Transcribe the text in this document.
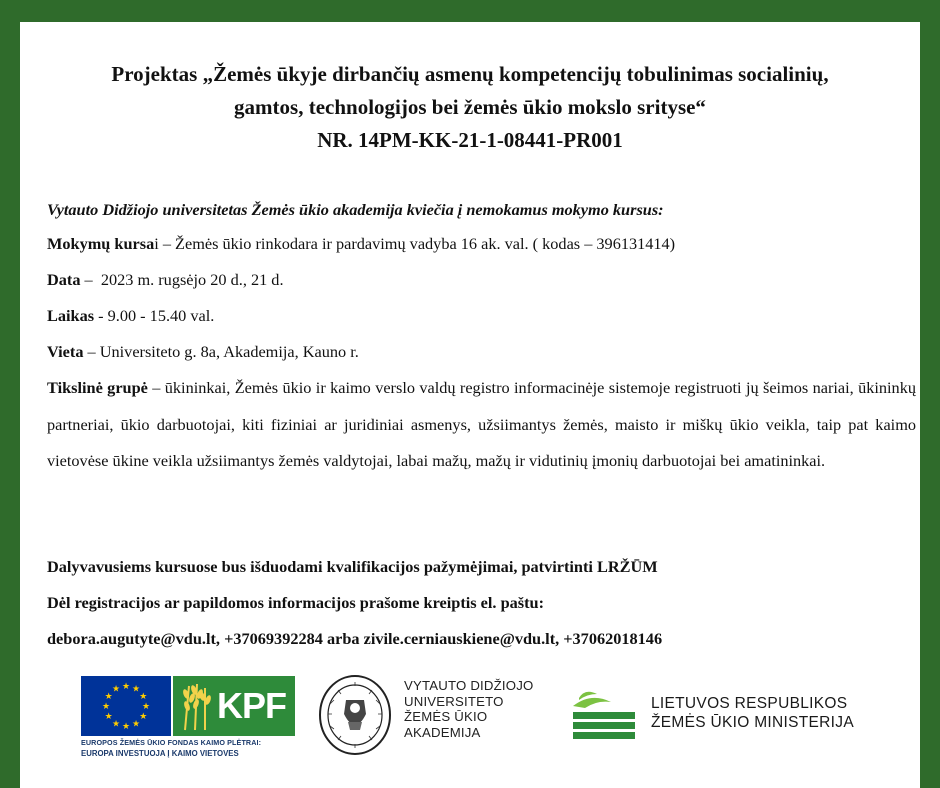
Projektas „Žemės ūkyje dirbančių asmenų kompetencijų tobulinimas socialinių,
gamtos, technologijos bei žemės ūkio mokslo srityse“
NR. 14PM-KK-21-1-08441-PR001
Vytauto Didžiojo universitetas Žemės ūkio akademija kviečia į nemokamus mokymo kursus:
Mokymų kursai – Žemės ūkio rinkodara ir pardavimų vadyba 16 ak. val. ( kodas – 396131414)
Data –  2023 m. rugsėjo 20 d., 21 d.
Laikas - 9.00 - 15.40 val.
Vieta – Universiteto g. 8a, Akademija, Kauno r.
Tikslinė grupė – ūkininkai, Žemės ūkio ir kaimo verslo valdų registro informacinėje sistemoje registruoti jų šeimos nariai, ūkininkų partneriai, ūkio darbuotojai, kiti fiziniai ar juridiniai asmenys, užsiimantys žemės, maisto ir miškų ūkio veikla, taip pat kaimo vietovėse ūkine veikla užsiimantys žemės valdytojai, labai mažų, mažų ir vidutinių įmonių darbuotojai bei amatininkai.
Dalyvavusiems kursuose bus išduodami kvalifikacijos pažymėjimai, patvirtinti LRŽŪM
Dėl registracijos ar papildomos informacijos prašome kreiptis el. paštu:
debora.augutyte@vdu.lt, +37069392284 arba zivile.cerniauskiene@vdu.lt, +37062018146
★
★
★
★
★
★
★
★
★ ★ ★
★ KPF
EUROPOS ŽEMĖS ŪKIO FONDAS KAIMO PLĖTRAI:
EUROPA INVESTUOJA Į KAIMO VIETOVES
VYTAUTO DIDŽIOJO
UNIVERSITETO
ŽEMĖS ŪKIO
AKADEMIJA
LIETUVOS RESPUBLIKOS
ŽEMĖS ŪKIO MINISTERIJA
